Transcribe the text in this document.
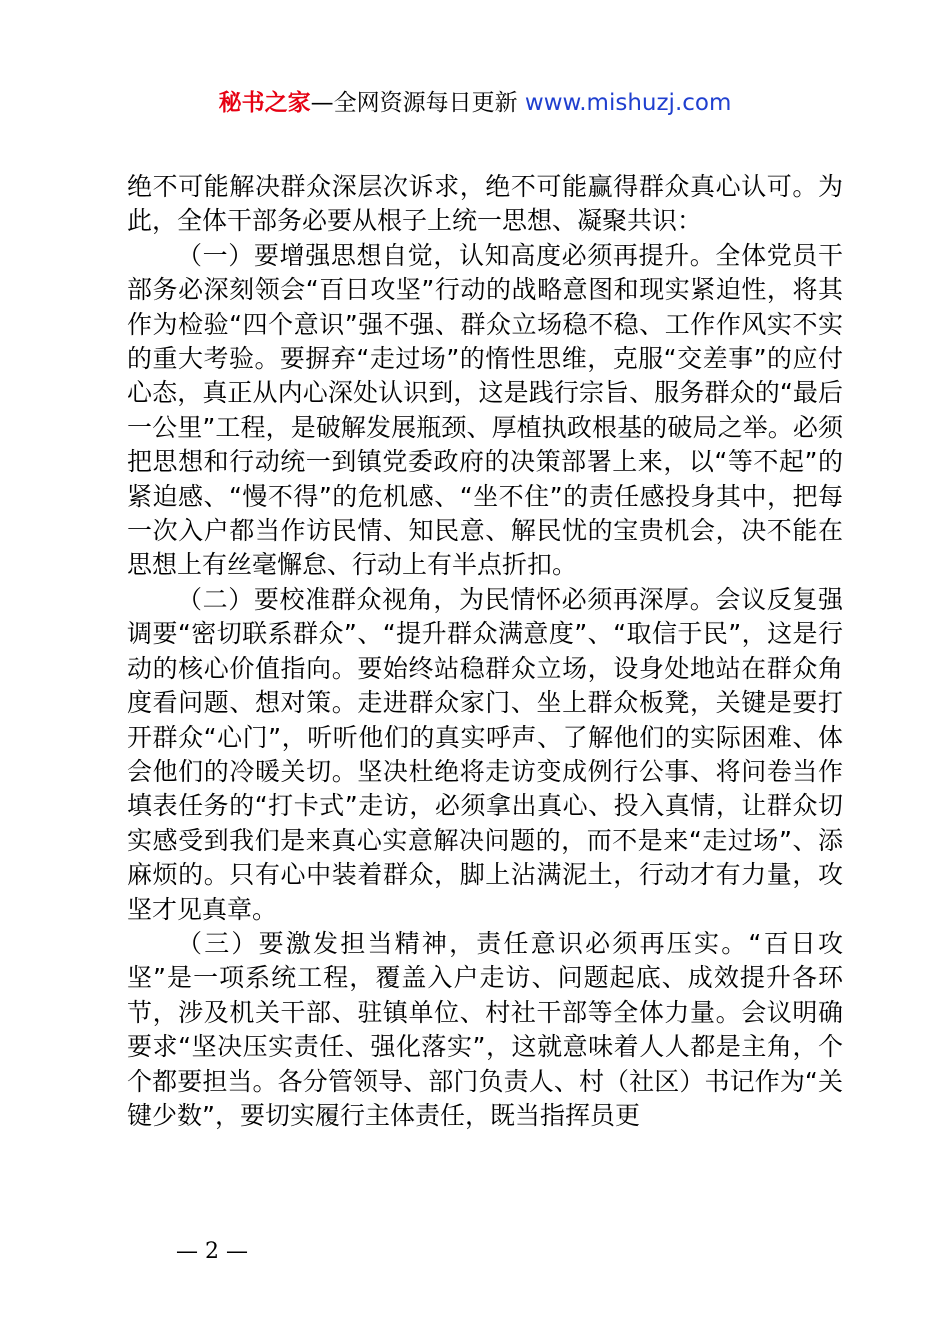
秘书之家—全网资源每日更新 www.mishuzj.com

绝不可能解决群众深层次诉求，绝不可能赢得群众真心认可。为此，全体干部务必要从根子上统一思想、凝聚共识：

（一）要增强思想自觉，认知高度必须再提升。全体党员干部务必深刻领会“百日攻坚”行动的战略意图和现实紧迫性，将其作为检验“四个意识”强不强、群众立场稳不稳、工作作风实不实的重大考验。要摒弃“走过场”的惰性思维，克服“交差事”的应付心态，真正从内心深处认识到，这是践行宗旨、服务群众的“最后一公里”工程，是破解发展瓶颈、厚植执政根基的破局之举。必须把思想和行动统一到镇党委政府的决策部署上来，以“等不起”的紧迫感、“慢不得”的危机感、“坐不住”的责任感投身其中，把每一次入户都当作访民情、知民意、解民忧的宝贵机会，决不能在思想上有丝毫懈怠、行动上有半点折扣。

（二）要校准群众视角，为民情怀必须再深厚。会议反复强调要“密切联系群众”、“提升群众满意度”、“取信于民”，这是行动的核心价值指向。要始终站稳群众立场，设身处地站在群众角度看问题、想对策。走进群众家门、坐上群众板凳，关键是要打开群众“心门”，听听他们的真实呼声、了解他们的实际困难、体会他们的冷暖关切。坚决杜绝将走访变成例行公事、将问卷当作填表任务的“打卡式”走访，必须拿出真心、投入真情，让群众切实感受到我们是来真心实意解决问题的，而不是来“走过场”、添麻烦的。只有心中装着群众，脚上沾满泥土，行动才有力量，攻坚才见真章。

（三）要激发担当精神，责任意识必须再压实。“百日攻坚”是一项系统工程，覆盖入户走访、问题起底、成效提升各环节，涉及机关干部、驻镇单位、村社干部等全体力量。会议明确要求“坚决压实责任、强化落实”，这就意味着人人都是主角，个个都要担当。各分管领导、部门负责人、村（社区）书记作为“关键少数”，要切实履行主体责任，既当指挥员更

— 2 —
